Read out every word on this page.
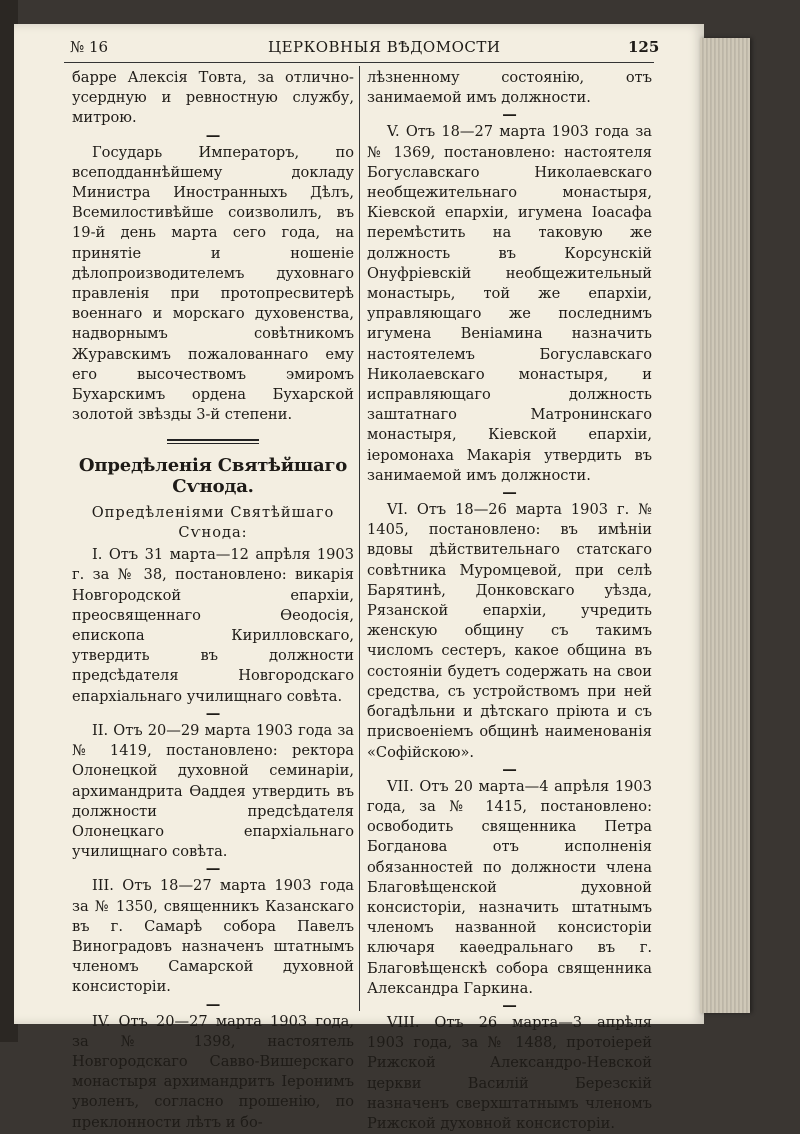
№ 16	ЦЕРКОВНЫЯ ВѢДОМОСТИ	125

барре Алексія Товта, за отлично-усердную и ревностную службу, митрою.

—

Государь Императоръ, по всеподданнѣйшему докладу Министра Иностранныхъ Дѣлъ, Всемилостивѣйше соизволилъ, въ 19-й день марта сего года, на принятіе и ношеніе дѣлопроизводителемъ духовнаго правленія при протопресвитерѣ военнаго и морскаго духовенства, надворнымъ совѣтникомъ Журавскимъ пожалованнаго ему его высочествомъ эмиромъ Бухарскимъ ордена Бухарской золотой звѣзды 3-й степени.

Опредѣленія Святѣйшаго Сѵнода.
Опредѣленіями Святѣйшаго Сѵнода:

I. Отъ 31 марта—12 апрѣля 1903 г. за № 38, постановлено: викарія Новгородской епархіи, преосвященнаго Ѳеодосія, епископа Кирилловскаго, утвердить въ должности предсѣдателя Новгородскаго епархіальнаго училищнаго совѣта.

—

II. Отъ 20—29 марта 1903 года за № 1419, постановлено: ректора Олонецкой духовной семинаріи, архимандрита Ѳаддея утвердить въ должности предсѣдателя Олонецкаго епархіальнаго училищнаго совѣта.

—

III. Отъ 18—27 марта 1903 года за № 1350, священникъ Казанскаго въ г. Самарѣ собора Павелъ Виноградовъ назначенъ штатнымъ членомъ Самарской духовной консисторіи.

—

IV. Отъ 20—27 марта 1903 года, за № 1398, настоятель Новгородскаго Савво-Вишерскаго монастыря архимандритъ Іеронимъ уволенъ, согласно прошенію, по преклонности лѣтъ и бо-

лѣзненному состоянію, отъ занимаемой имъ должности.

—

V. Отъ 18—27 марта 1903 года за № 1369, постановлено: настоятеля Богуславскаго Николаевскаго необщежительнаго монастыря, Кіевской епархіи, игумена Іоасафа перемѣстить на таковую же должность въ Корсунскій Онуфріевскій необщежительный монастырь, той же епархіи, управляющаго же последнимъ игумена Веніамина назначить настоятелемъ Богуславскаго Николаевскаго монастыря, и исправляющаго должность заштатнаго Матронинскаго монастыря, Кіевской епархіи, іеромонаха Макарія утвердить въ занимаемой имъ должности.

—

VI. Отъ 18—26 марта 1903 г. № 1405, постановлено: въ имѣніи вдовы дѣйствительнаго статскаго совѣтника Муромцевой, при селѣ Барятинѣ, Донковскаго уѣзда, Рязанской епархіи, учредить женскую общину съ такимъ числомъ сестеръ, какое община въ состояніи будетъ содержать на свои средства, съ устройствомъ при ней богадѣльни и дѣтскаго пріюта и съ присвоеніемъ общинѣ наименованія «Софійскою».

—

VII. Отъ 20 марта—4 апрѣля 1903 года, за № 1415, постановлено: освободить священника Петра Богданова отъ исполненія обязанностей по должности члена Благовѣщенской духовной консисторіи, назначить штатнымъ членомъ названной консисторіи ключаря каѳедральнаго въ г. Благовѣщенскѣ собора священника Александра Гаркина.

—

VIII. Отъ 26 марта—3 апрѣля 1903 года, за № 1488, протоіерей Рижской Александро-Невской церкви Василій Березскій назначенъ сверхштатнымъ членомъ Рижской духовной консисторіи.
